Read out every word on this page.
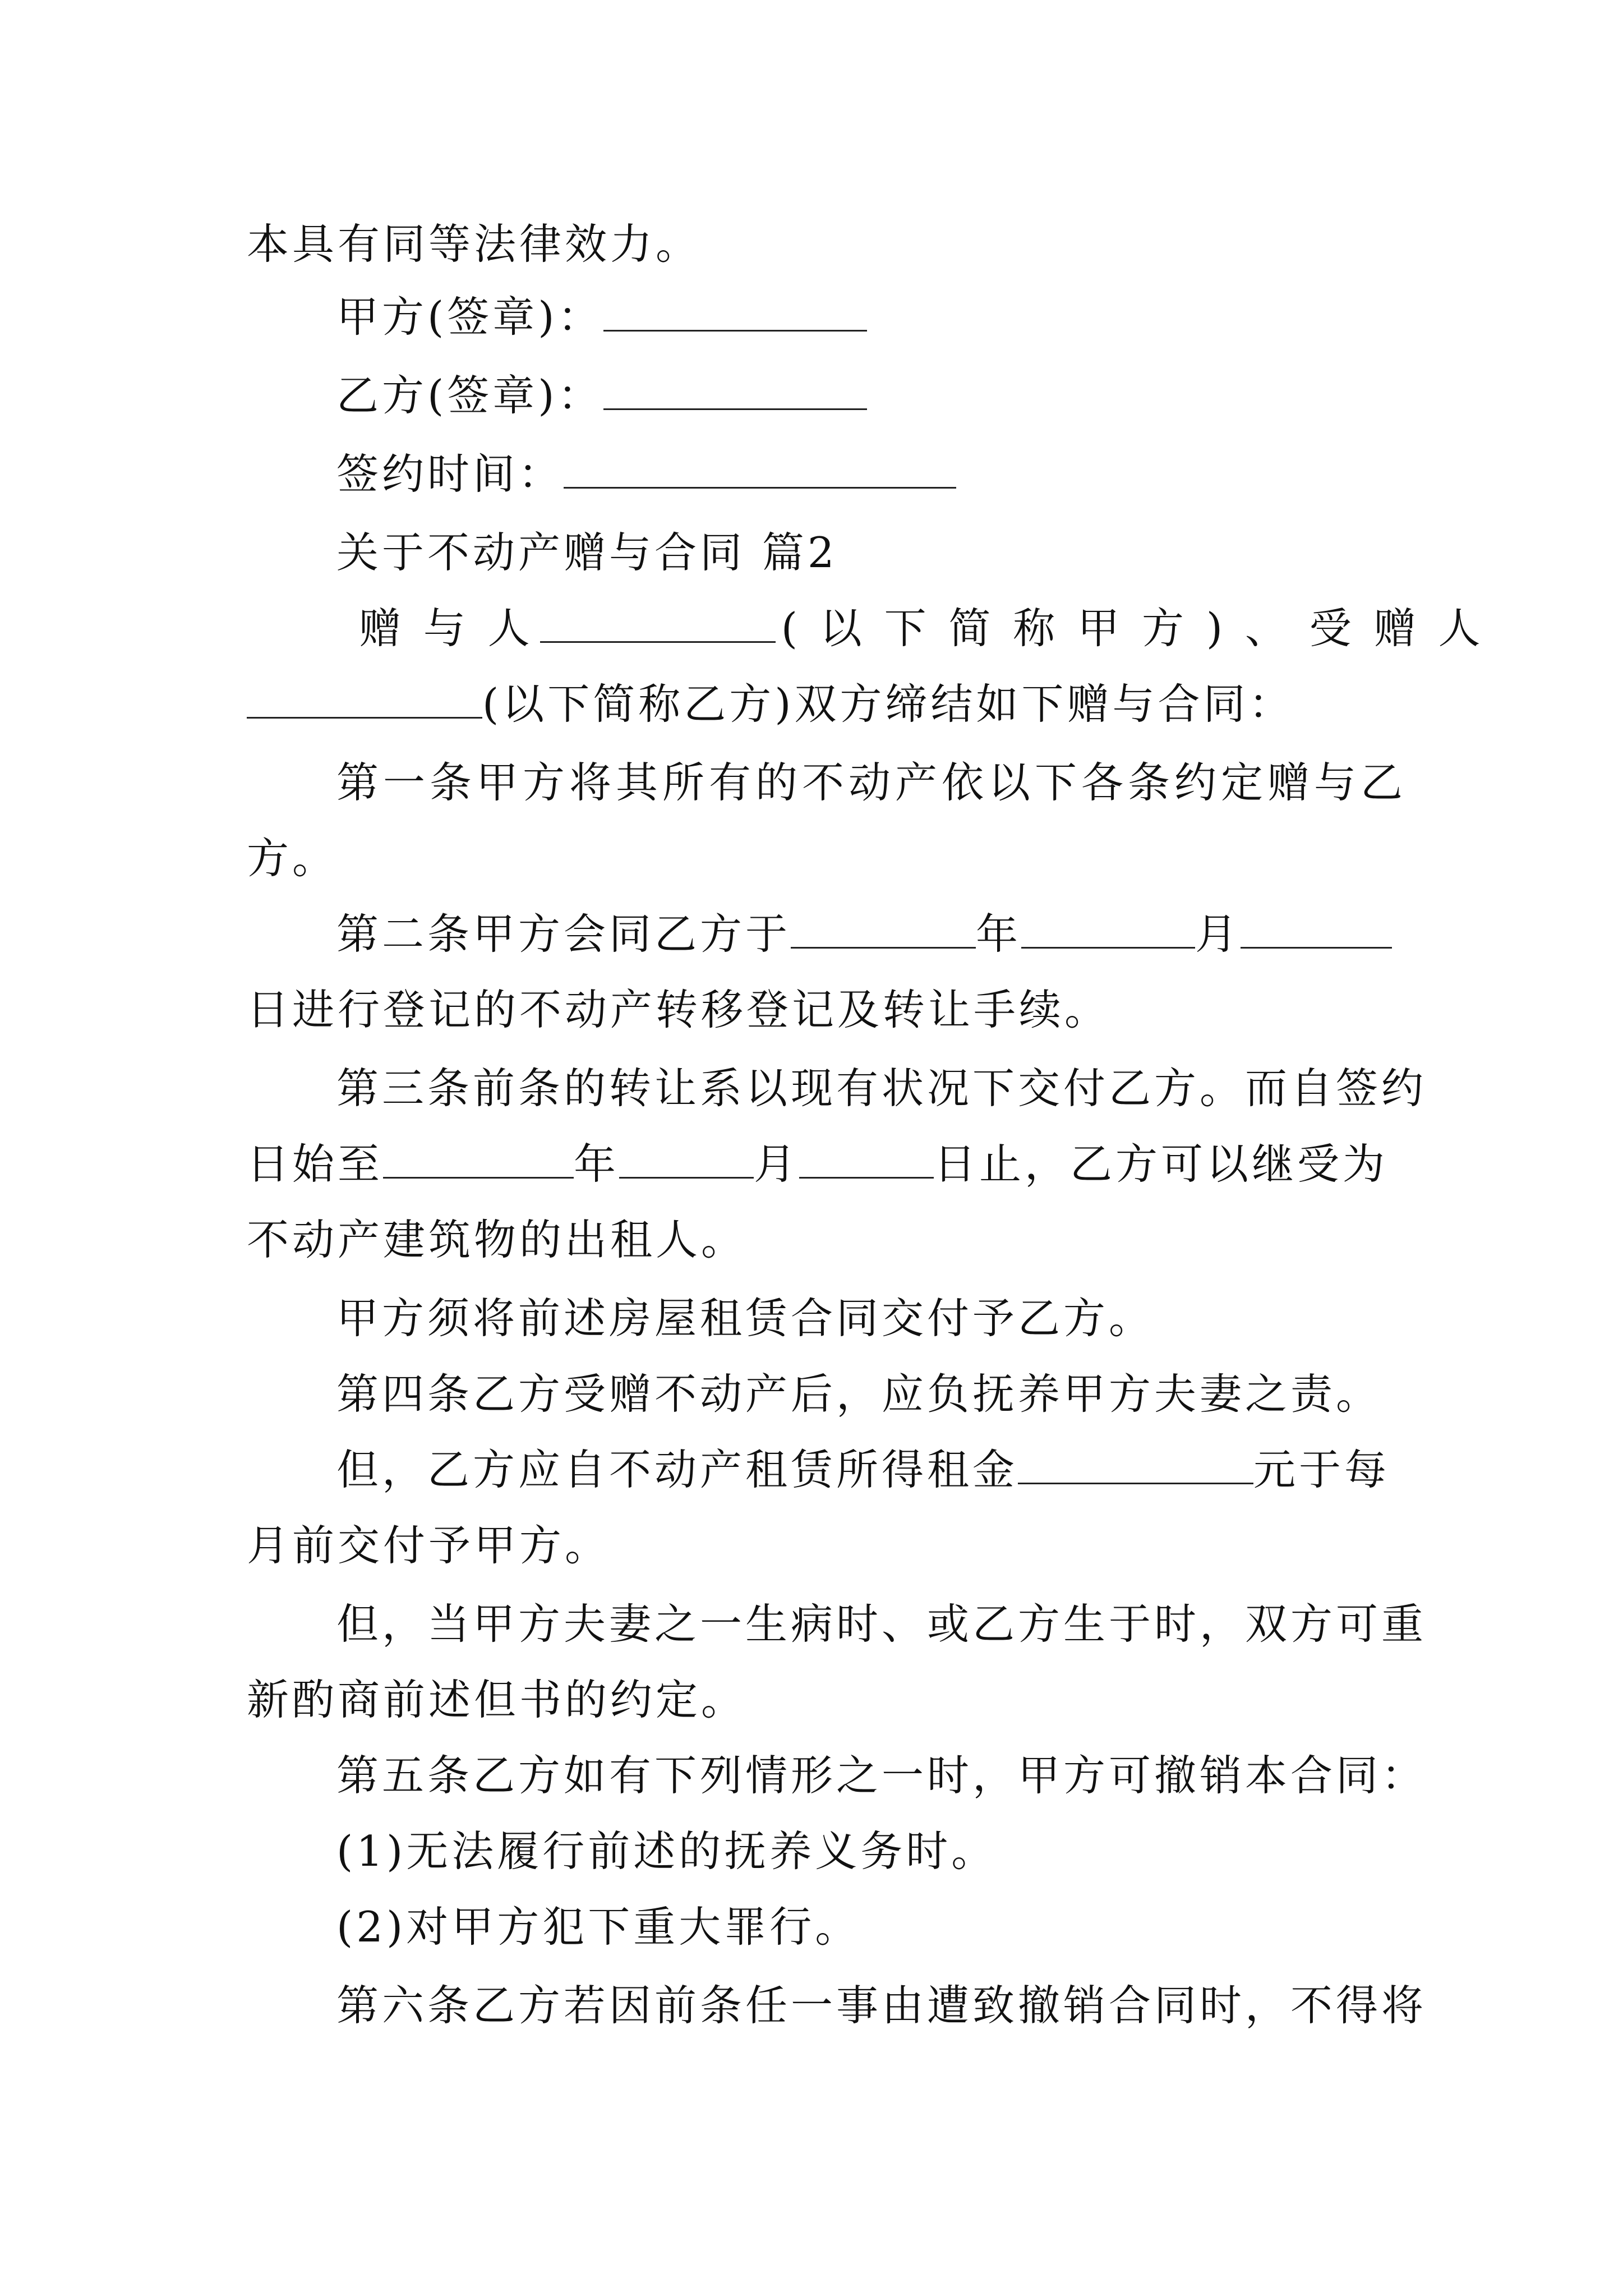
本具有同等法律效力。
甲方(签章)：
乙方(签章)：
签约时间：
关于不动产赠与合同 篇2
赠 与 人	( 以 下 简 称 甲 方 ) 、 受 赠 人
(以下简称乙方)双方缔结如下赠与合同：
第一条甲方将其所有的不动产依以下各条约定赠与乙
方。
第二条甲方会同乙方于	年	月
日进行登记的不动产转移登记及转让手续。
第三条前条的转让系以现有状况下交付乙方。而自签约
日始至	年	月	日止，乙方可以继受为
不动产建筑物的出租人。
甲方须将前述房屋租赁合同交付予乙方。
第四条乙方受赠不动产后，应负抚养甲方夫妻之责。
但，乙方应自不动产租赁所得租金	元于每
月前交付予甲方。
但，当甲方夫妻之一生病时、或乙方生于时，双方可重
新酌商前述但书的约定。
第五条乙方如有下列情形之一时，甲方可撤销本合同：
(1)无法履行前述的抚养义务时。
(2)对甲方犯下重大罪行。
第六条乙方若因前条任一事由遭致撤销合同时，不得将
